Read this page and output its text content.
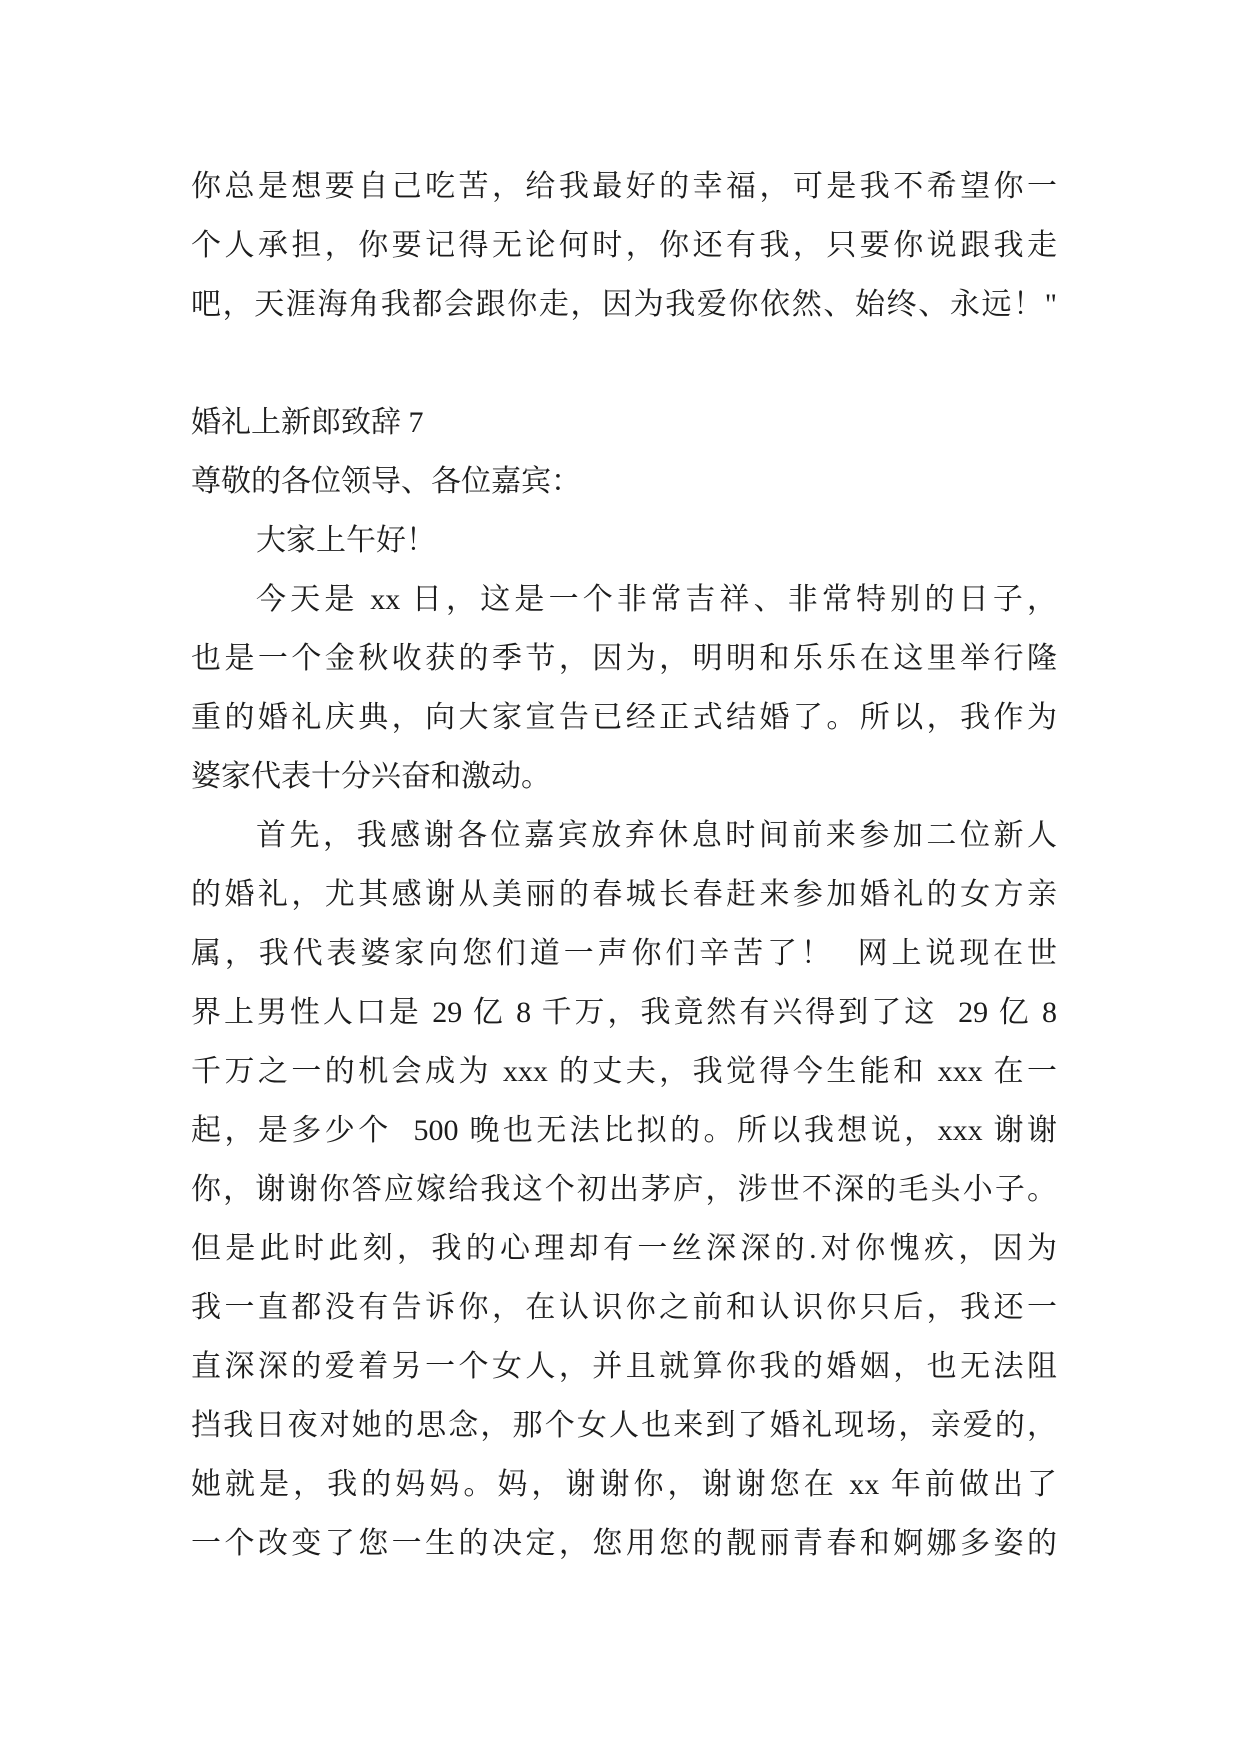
你总是想要自己吃苦，给我最好的幸福，可是我不希望你一
个人承担，你要记得无论何时，你还有我，只要你说跟我走
吧，天涯海角我都会跟你走，因为我爱你依然、始终、永远！"
婚礼上新郎致辞 7
尊敬的各位领导、各位嘉宾：
大家上午好！
今天是 xx 日，这是一个非常吉祥、非常特别的日子，
也是一个金秋收获的季节，因为，明明和乐乐在这里举行隆
重的婚礼庆典，向大家宣告已经正式结婚了。所以，我作为
婆家代表十分兴奋和激动。
首先，我感谢各位嘉宾放弃休息时间前来参加二位新人
的婚礼，尤其感谢从美丽的春城长春赶来参加婚礼的女方亲
属，我代表婆家向您们道一声你们辛苦了！  网上说现在世
界上男性人口是 29 亿 8 千万，我竟然有兴得到了这  29 亿 8
千万之一的机会成为 xxx 的丈夫，我觉得今生能和 xxx 在一
起，是多少个  500 晚也无法比拟的。所以我想说，xxx 谢谢
你，谢谢你答应嫁给我这个初出茅庐，涉世不深的毛头小子。
但是此时此刻，我的心理却有一丝深深的.对你愧疚，因为
我一直都没有告诉你，在认识你之前和认识你只后，我还一
直深深的爱着另一个女人，并且就算你我的婚姻，也无法阻
挡我日夜对她的思念，那个女人也来到了婚礼现场，亲爱的，
她就是，我的妈妈。妈，谢谢你，谢谢您在 xx 年前做出了
一个改变了您一生的决定，您用您的靓丽青春和婀娜多姿的
